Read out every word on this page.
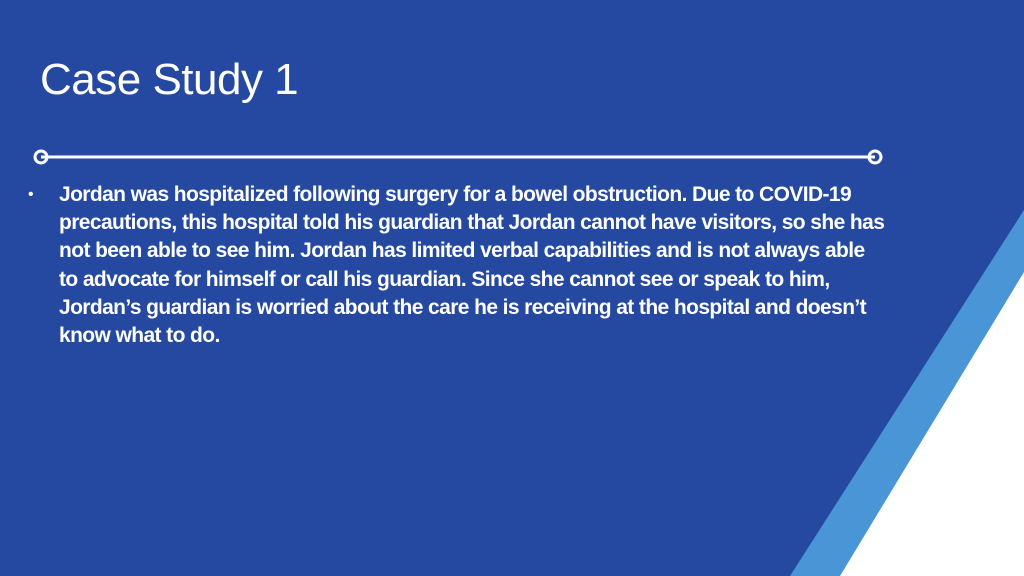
Case Study 1
• Jordan was hospitalized following surgery for a bowel obstruction. Due to COVID-19 precautions, this hospital told his guardian that Jordan cannot have visitors, so she has not been able to see him. Jordan has limited verbal capabilities and is not always able to advocate for himself or call his guardian. Since she cannot see or speak to him, Jordan’s guardian is worried about the care he is receiving at the hospital and doesn’t know what to do.
